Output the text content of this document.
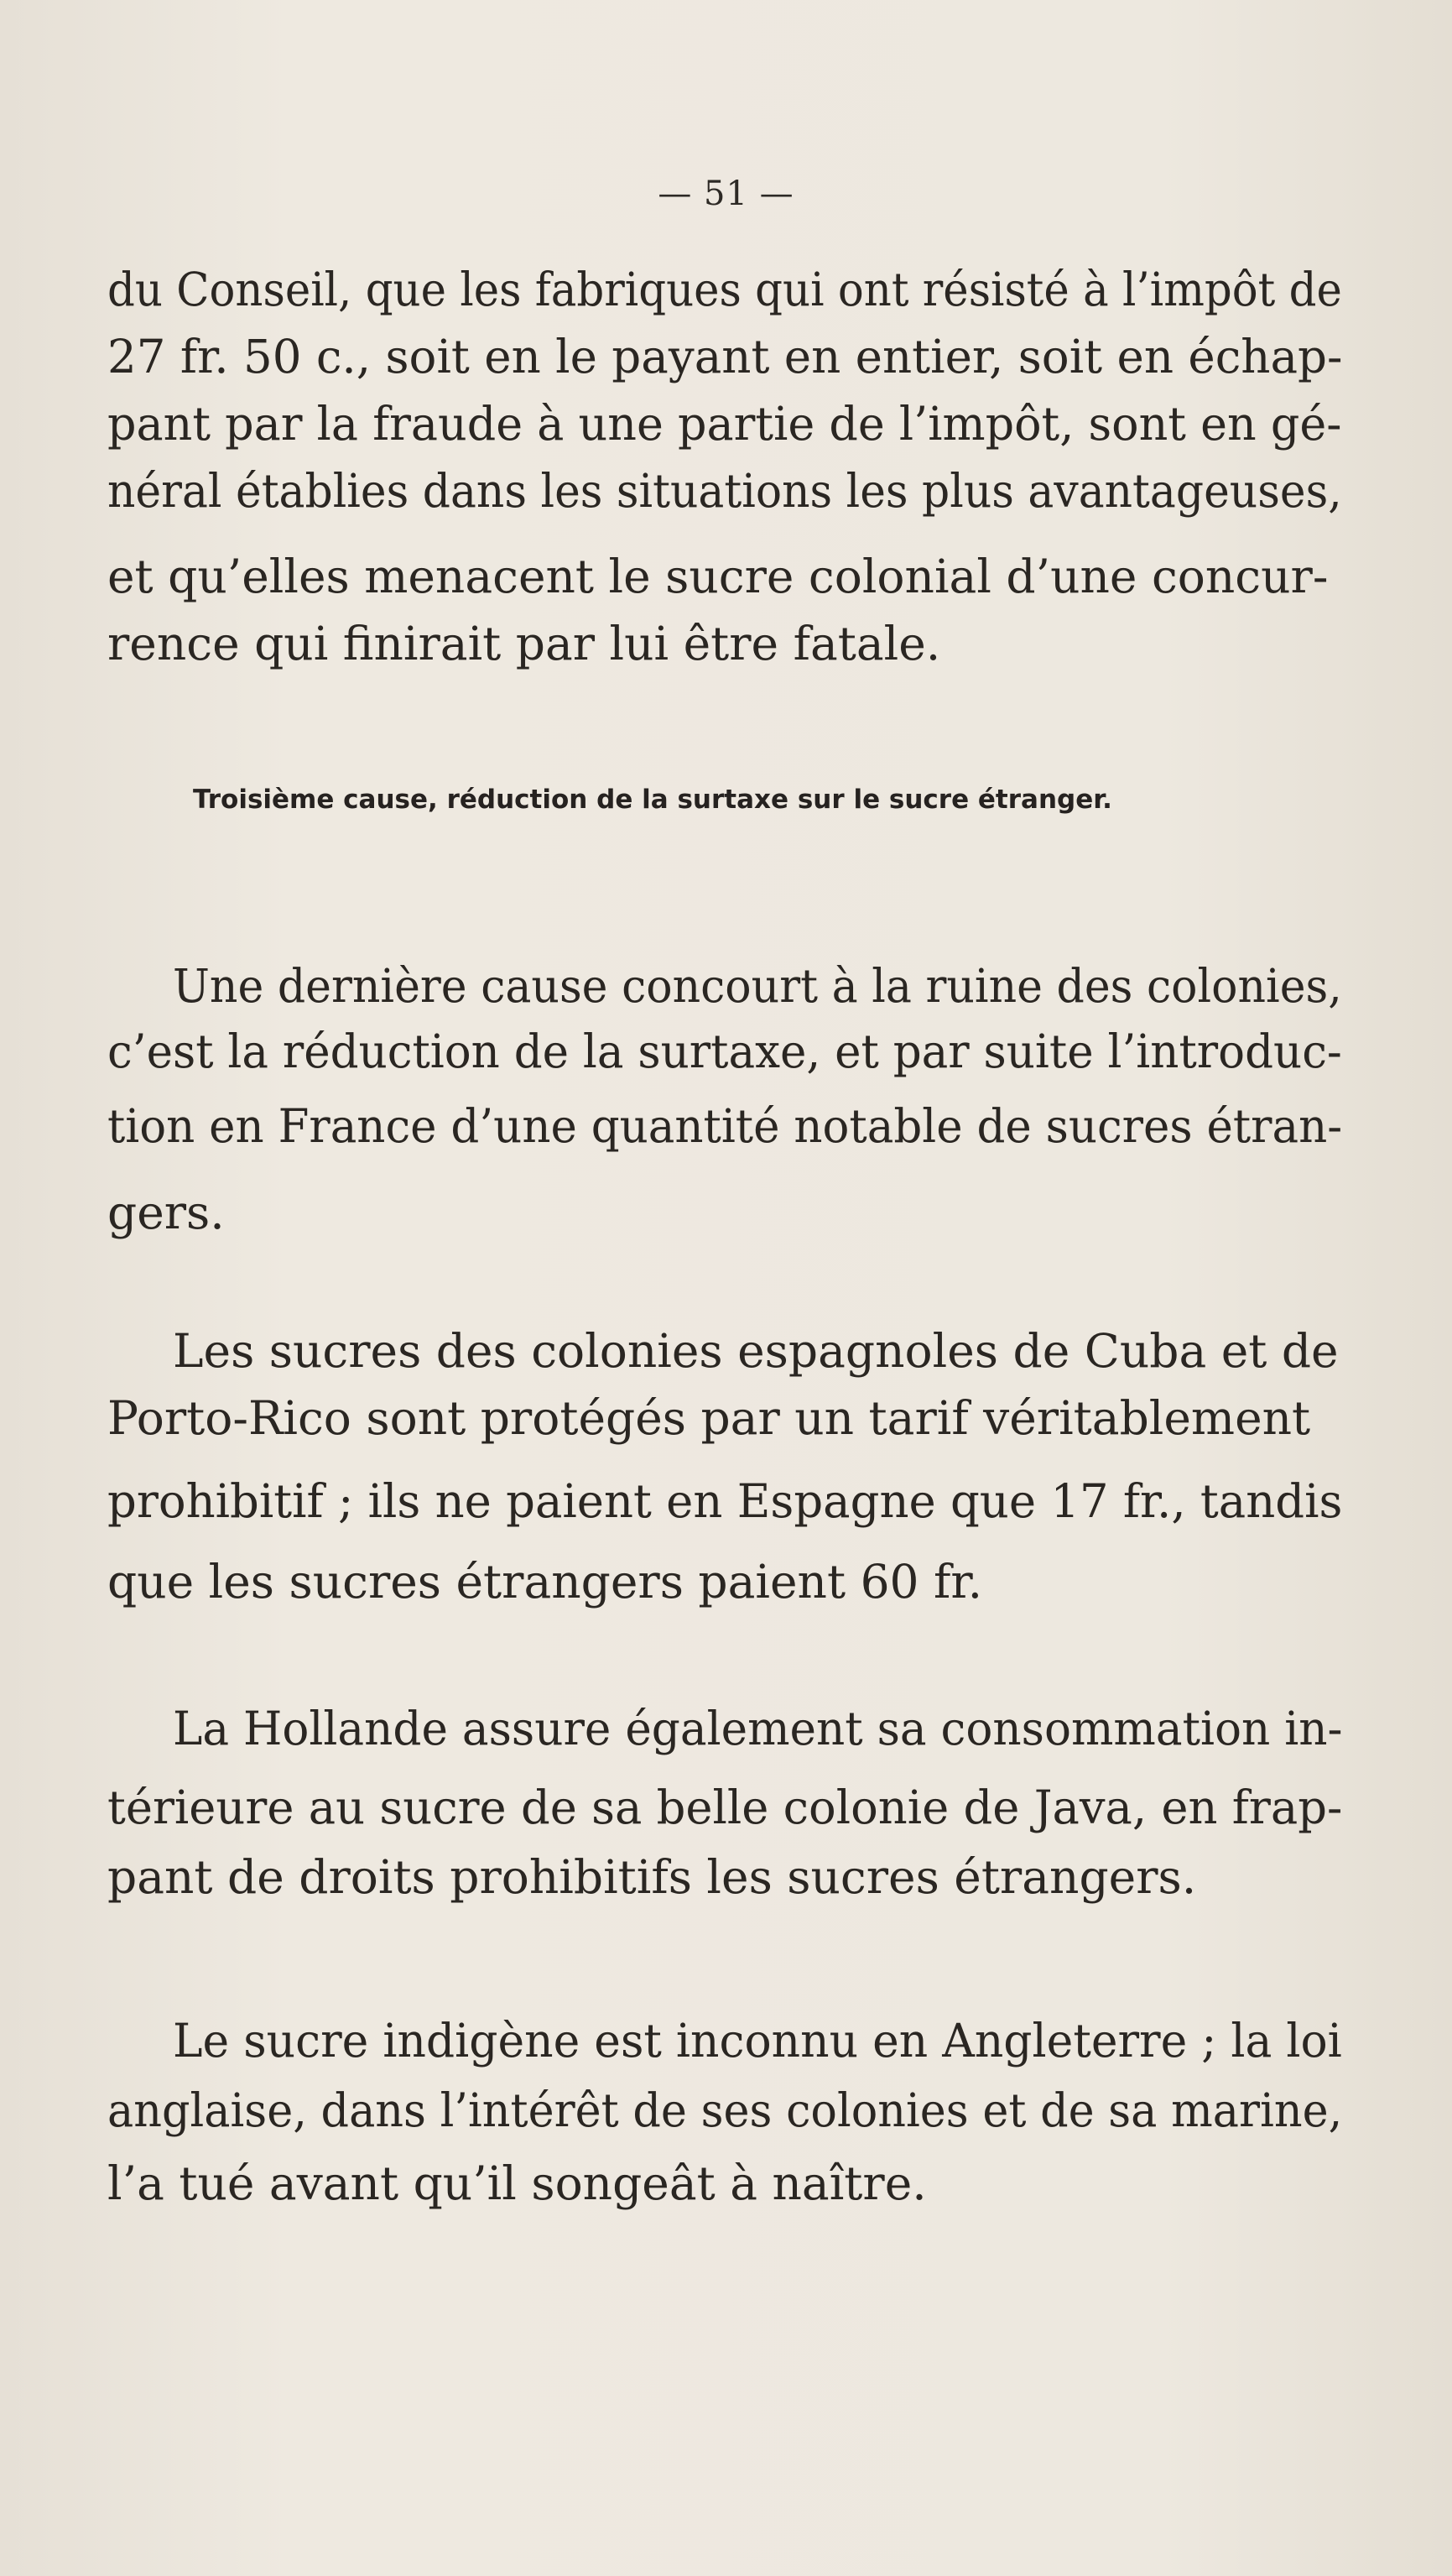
— 51 —
du Conseil, que les fabriques qui ont résisté à l’impôt de
27 fr. 50 c., soit en le payant en entier, soit en échap-
pant par la fraude à une partie de l’impôt, sont en gé-
néral établies dans les situations les plus avantageuses,
et qu’elles menacent le sucre colonial d’une concur-
rence qui finirait par lui être fatale.
Troisième cause, réduction de la surtaxe sur le sucre étranger.
Une dernière cause concourt à la ruine des colonies,
c’est la réduction de la surtaxe, et par suite l’introduc-
tion en France d’une quantité notable de sucres étran-
gers.
Les sucres des colonies espagnoles de Cuba et de
Porto-Rico sont protégés par un tarif véritablement
prohibitif ; ils ne paient en Espagne que 17 fr., tandis
que les sucres étrangers paient 60 fr.
La Hollande assure également sa consommation in-
térieure au sucre de sa belle colonie de Java, en frap-
pant de droits prohibitifs les sucres étrangers.
Le sucre indigène est inconnu en Angleterre ; la loi
anglaise, dans l’intérêt de ses colonies et de sa marine,
l’a tué avant qu’il songeât à naître.
